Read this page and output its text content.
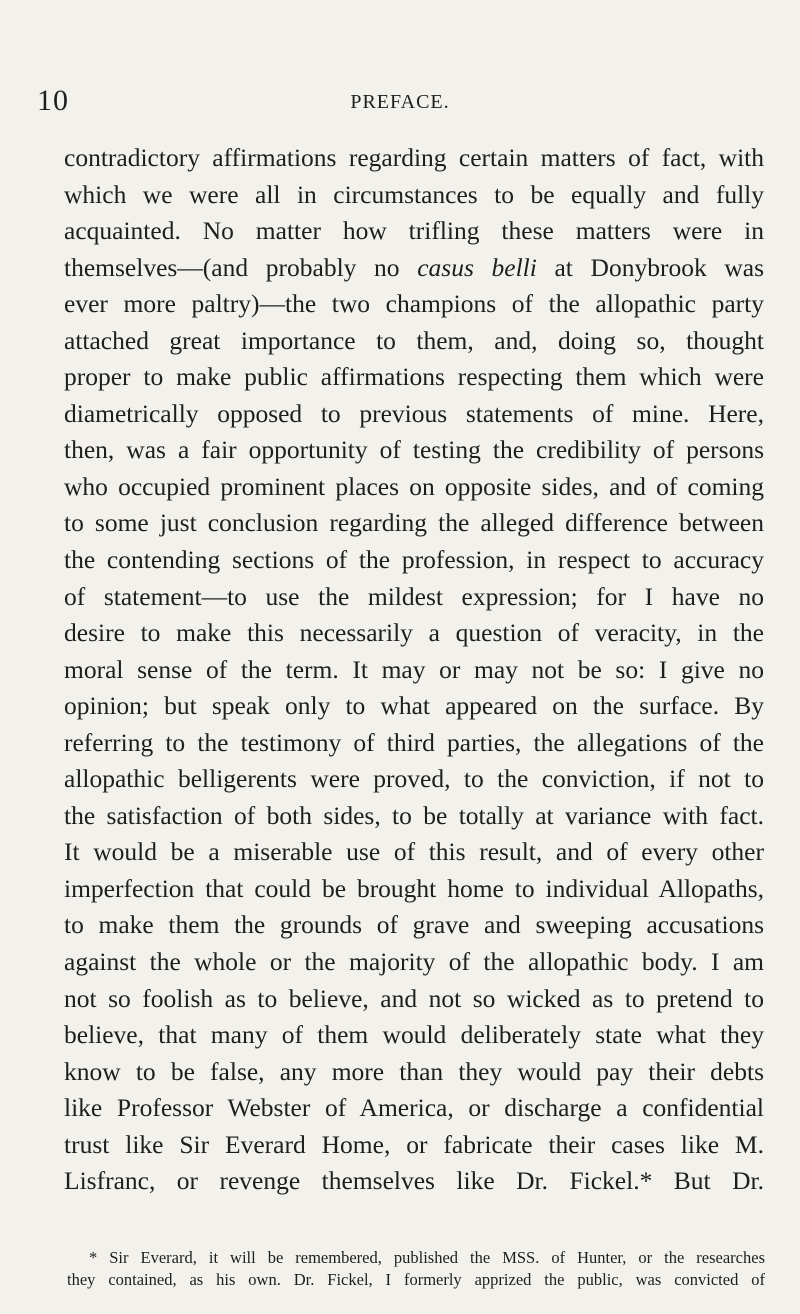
10	PREFACE.
contradictory affirmations regarding certain matters of fact, with
which we were all in circumstances to be equally and fully
acquainted. No matter how trifling these matters were in
themselves—(and probably no casus belli at Donybrook was
ever more paltry)—the two champions of the allopathic party
attached great importance to them, and, doing so, thought
proper to make public affirmations respecting them which were
diametrically opposed to previous statements of mine. Here,
then, was a fair opportunity of testing the credibility of persons
who occupied prominent places on opposite sides, and of coming
to some just conclusion regarding the alleged difference between
the contending sections of the profession, in respect to accuracy
of statement—to use the mildest expression; for I have no
desire to make this necessarily a question of veracity, in the
moral sense of the term. It may or may not be so: I give no
opinion; but speak only to what appeared on the surface. By
referring to the testimony of third parties, the allegations of the
allopathic belligerents were proved, to the conviction, if not to
the satisfaction of both sides, to be totally at variance with fact.
It would be a miserable use of this result, and of every other
imperfection that could be brought home to individual Allopaths,
to make them the grounds of grave and sweeping accusations
against the whole or the majority of the allopathic body. I am
not so foolish as to believe, and not so wicked as to pretend to
believe, that many of them would deliberately state what they
know to be false, any more than they would pay their debts
like Professor Webster of America, or discharge a confidential
trust like Sir Everard Home, or fabricate their cases like M.
Lisfranc, or revenge themselves like Dr. Fickel.* But Dr.
* Sir Everard, it will be remembered, published the MSS. of Hunter, or the researches
they contained, as his own. Dr. Fickel, I formerly apprized the public, was convicted of
